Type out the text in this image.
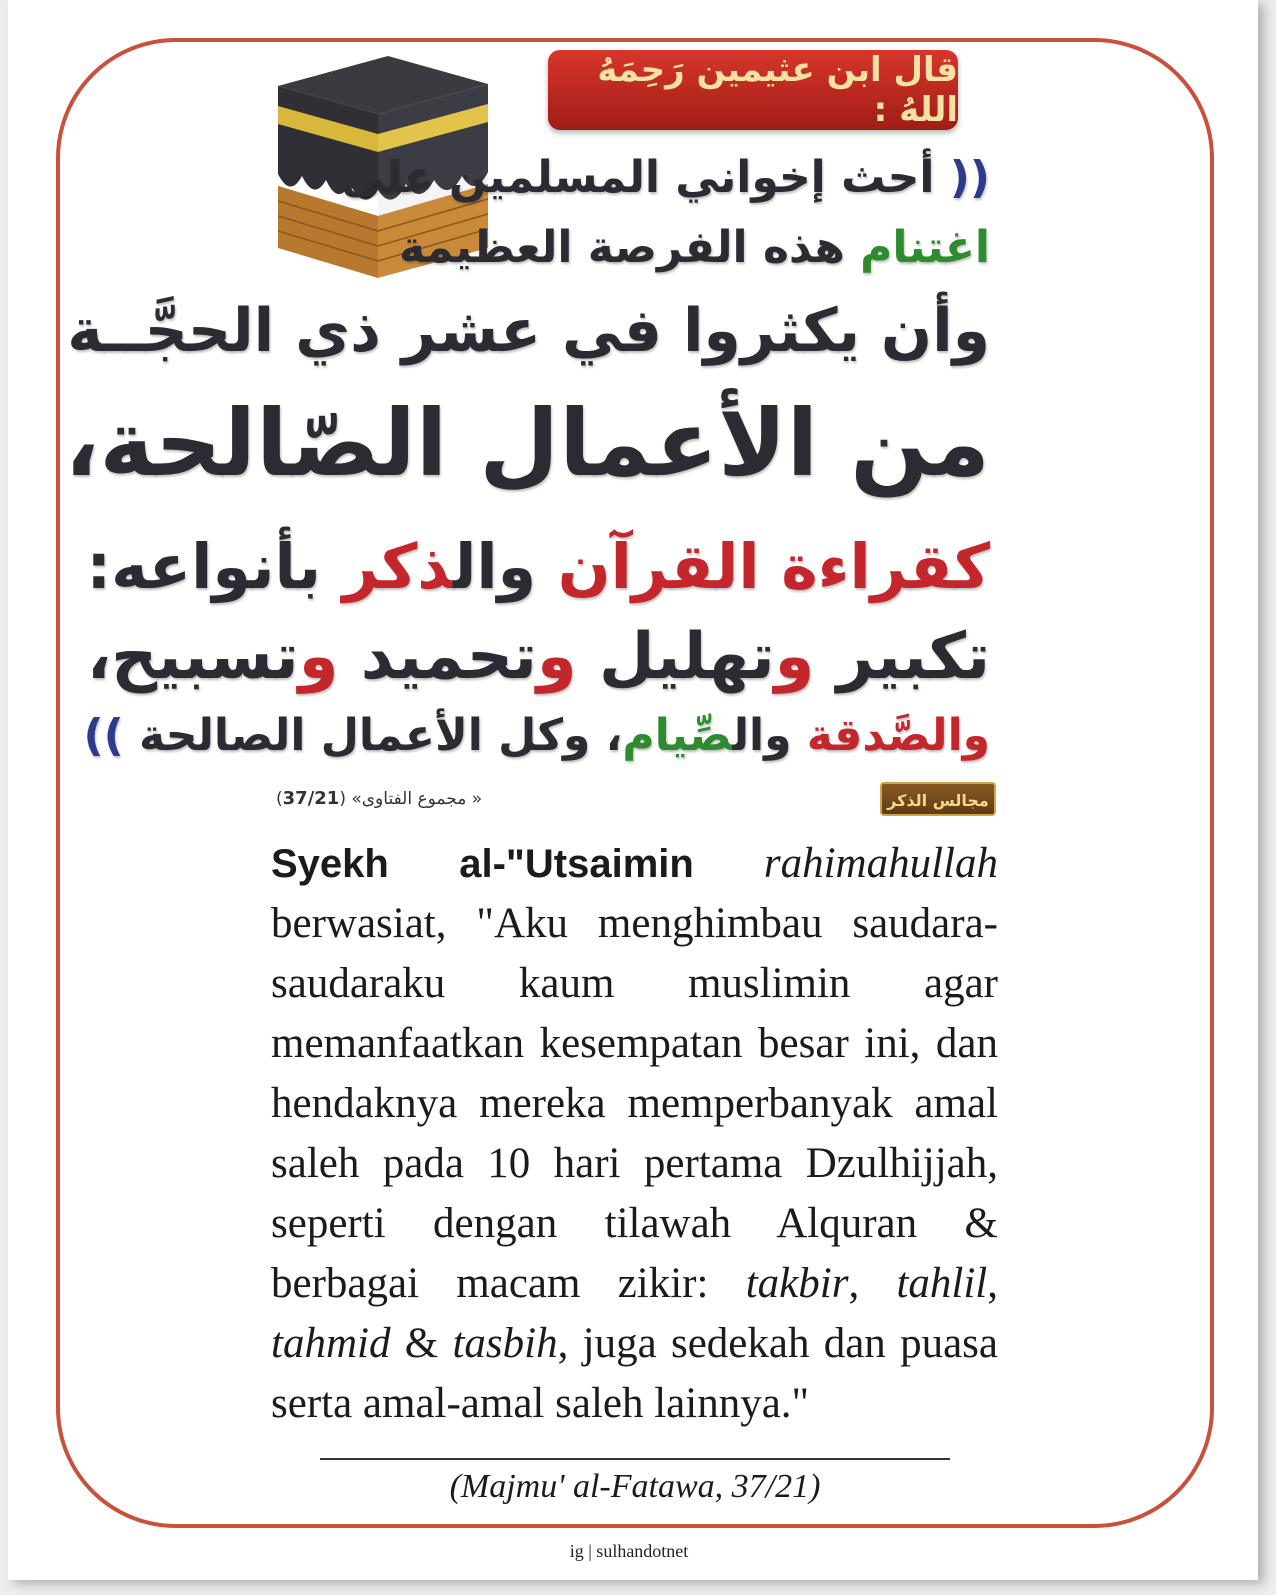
قال ابن عثيمين رَحِمَهُ اللهُ :
(( أحث إخواني المسلمين على
اغتنام هذه الفرصة العظيمة
وأن يكثروا في عشر ذي الحجَّــة
من الأعمال الصّالحة،
كقراءة القرآن والذكر بأنواعه:
تكبير وتهليل وتحميد وتسبيح،
والصَّدقة والصِّيام، وكل الأعمال الصالحة ))
« مجموع الفتاوى» (37/21)	مجالس الذكر
Syekh al-"Utsaimin rahimahullah berwasiat, "Aku menghimbau saudara-saudaraku kaum muslimin agar memanfaatkan kesempatan besar ini, dan hendaknya mereka memperbanyak amal saleh pada 10 hari pertama Dzulhijjah, seperti dengan tilawah Alquran & berbagai macam zikir: takbir, tahlil, tahmid & tasbih, juga sedekah dan puasa serta amal-amal saleh lainnya."
(Majmu' al-Fatawa, 37/21)
ig | sulhandotnet
